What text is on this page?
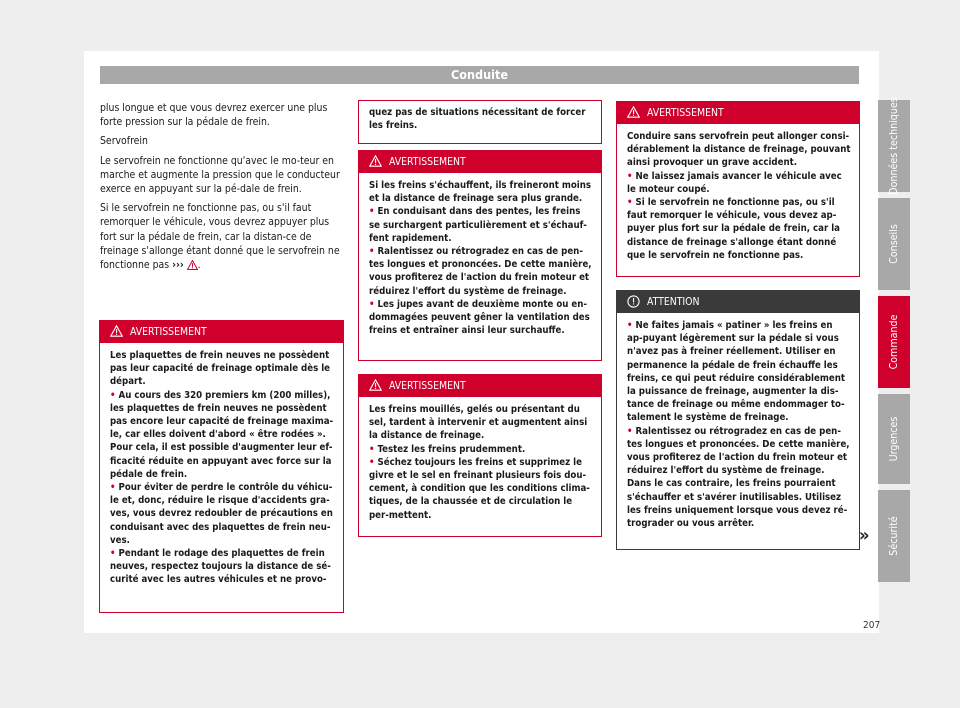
Conduite

plus longue et que vous devrez exercer une plus forte pression sur la pédale de frein.

Servofrein

Le servofrein ne fonctionne qu'avec le mo-teur en marche et augmente la pression que le conducteur exerce en appuyant sur la pé-dale de frein.

Si le servofrein ne fonctionne pas, ou s'il faut remorquer le véhicule, vous devrez appuyer plus fort sur la pédale de frein, car la distan-ce de freinage s'allonge étant donné que le servofrein ne fonctionne pas ››› .

AVERTISSEMENT

Les plaquettes de frein neuves ne possèdent pas leur capacité de freinage optimale dès le départ.

• Au cours des 320 premiers km (200 milles), les plaquettes de frein neuves ne possèdent pas encore leur capacité de freinage maxima-le, car elles doivent d'abord « être rodées ». Pour cela, il est possible d'augmenter leur ef-ficacité réduite en appuyant avec force sur la pédale de frein.

• Pour éviter de perdre le contrôle du véhicu-le et, donc, réduire le risque d'accidents gra-ves, vous devrez redoubler de précautions en conduisant avec des plaquettes de frein neu-ves.

• Pendant le rodage des plaquettes de frein neuves, respectez toujours la distance de sé-curité avec les autres véhicules et ne provo-

quez pas de situations nécessitant de forcer les freins.

AVERTISSEMENT

Si les freins s'échauffent, ils freineront moins et la distance de freinage sera plus grande.

• En conduisant dans des pentes, les freins se surchargent particulièrement et s'échauf-fent rapidement.

• Ralentissez ou rétrogradez en cas de pen-tes longues et prononcées. De cette manière, vous profiterez de l'action du frein moteur et réduirez l'effort du système de freinage.

• Les jupes avant de deuxième monte ou en-dommagées peuvent gêner la ventilation des freins et entraîner ainsi leur surchauffe.

AVERTISSEMENT

Les freins mouillés, gelés ou présentant du sel, tardent à intervenir et augmentent ainsi la distance de freinage.

• Testez les freins prudemment.

• Séchez toujours les freins et supprimez le givre et le sel en freinant plusieurs fois dou-cement, à condition que les conditions clima-tiques, de la chaussée et de circulation le per-mettent.

AVERTISSEMENT

Conduire sans servofrein peut allonger consi-dérablement la distance de freinage, pouvant ainsi provoquer un grave accident.

• Ne laissez jamais avancer le véhicule avec le moteur coupé.

• Si le servofrein ne fonctionne pas, ou s'il faut remorquer le véhicule, vous devez ap-puyer plus fort sur la pédale de frein, car la distance de freinage s'allonge étant donné que le servofrein ne fonctionne pas.

ATTENTION

• Ne faites jamais « patiner » les freins en ap-puyant légèrement sur la pédale si vous n'avez pas à freiner réellement. Utiliser en permanence la pédale de frein échauffe les freins, ce qui peut réduire considérablement la puissance de freinage, augmenter la dis-tance de freinage ou même endommager to-talement le système de freinage.

• Ralentissez ou rétrogradez en cas de pen-tes longues et prononcées. De cette manière, vous profiterez de l'action du frein moteur et réduirez l'effort du système de freinage. Dans le cas contraire, les freins pourraient s'échauffer et s'avérer inutilisables. Utilisez les freins uniquement lorsque vous devez ré-trograder ou vous arrêter.

»
Données techniques
Conseils
Commande
Urgences
Sécurité
207
